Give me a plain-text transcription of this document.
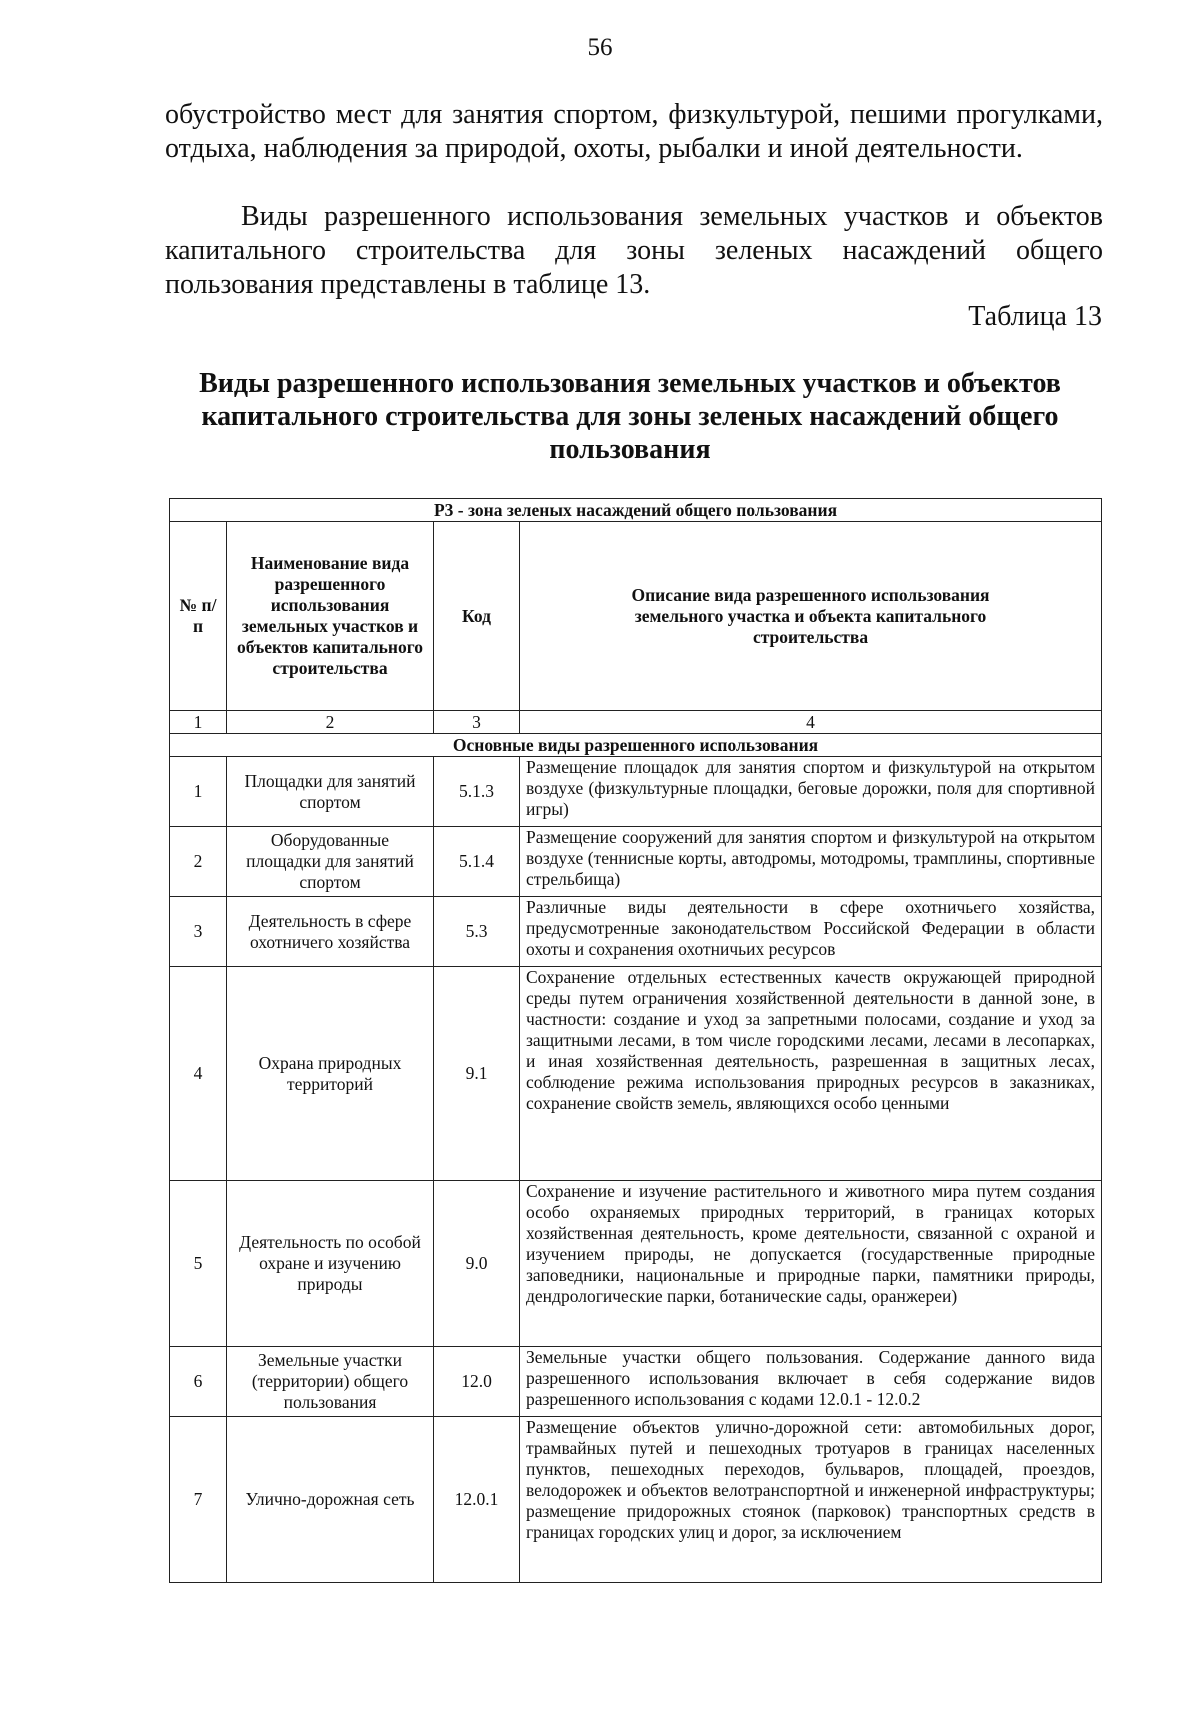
56

обустройство мест для занятия спортом, физкультурой, пешими прогулками, отдыха, наблюдения за природой, охоты, рыбалки и иной деятельности.

Виды разрешенного использования земельных участков и объектов капитального строительства для зоны зеленых насаждений общего пользования представлены в таблице 13.

Таблица 13

Виды разрешенного использования земельных участков и объектов капитального строительства для зоны зеленых насаждений общего пользования

Р3 - зона зеленых насаждений общего пользования			
№ п/п	Наименование вида разрешенного использования земельных участков и объектов капитального строительства	Код	Описание вида разрешенного использования земельного участка и объекта капитального строительства
1	2	3	4
Основные виды разрешенного использования			
1	Площадки для занятий спортом	5.1.3	Размещение площадок для занятия спортом и физкультурой на открытом воздухе (физкультурные площадки, беговые дорожки, поля для спортивной игры)
2	Оборудованные площадки для занятий спортом	5.1.4	Размещение сооружений для занятия спортом и физкультурой на открытом воздухе (теннисные корты, автодромы, мотодромы, трамплины, спортивные стрельбища)
3	Деятельность в сфере охотничего хозяйства	5.3	Различные виды деятельности в сфере охотничьего хозяйства, предусмотренные законодательством Российской Федерации в области охоты и сохранения охотничьих ресурсов
4	Охрана природных территорий	9.1	Сохранение отдельных естественных качеств окружающей природной среды путем ограничения хозяйственной деятельности в данной зоне, в частности: создание и уход за запретными полосами, создание и уход за защитными лесами, в том числе городскими лесами, лесами в лесопарках, и иная хозяйственная деятельность, разрешенная в защитных лесах, соблюдение режима использования природных ресурсов в заказниках, сохранение свойств земель, являющихся особо ценными
5	Деятельность по особой охране и изучению природы	9.0	Сохранение и изучение растительного и животного мира путем создания особо охраняемых природных территорий, в границах которых хозяйственная деятельность, кроме деятельности, связанной с охраной и изучением природы, не допускается (государственные природные заповедники, национальные и природные парки, памятники природы, дендрологические парки, ботанические сады, оранжереи)
6	Земельные участки (территории) общего пользования	12.0	Земельные участки общего пользования. Содержание данного вида разрешенного использования включает в себя содержание видов разрешенного использования с кодами 12.0.1 - 12.0.2
7	Улично-дорожная сеть	12.0.1	Размещение объектов улично-дорожной сети: автомобильных дорог, трамвайных путей и пешеходных тротуаров в границах населенных пунктов, пешеходных переходов, бульваров, площадей, проездов, велодорожек и объектов велотранспортной и инженерной инфраструктуры; размещение придорожных стоянок (парковок) транспортных средств в границах городских улиц и дорог, за исключением
